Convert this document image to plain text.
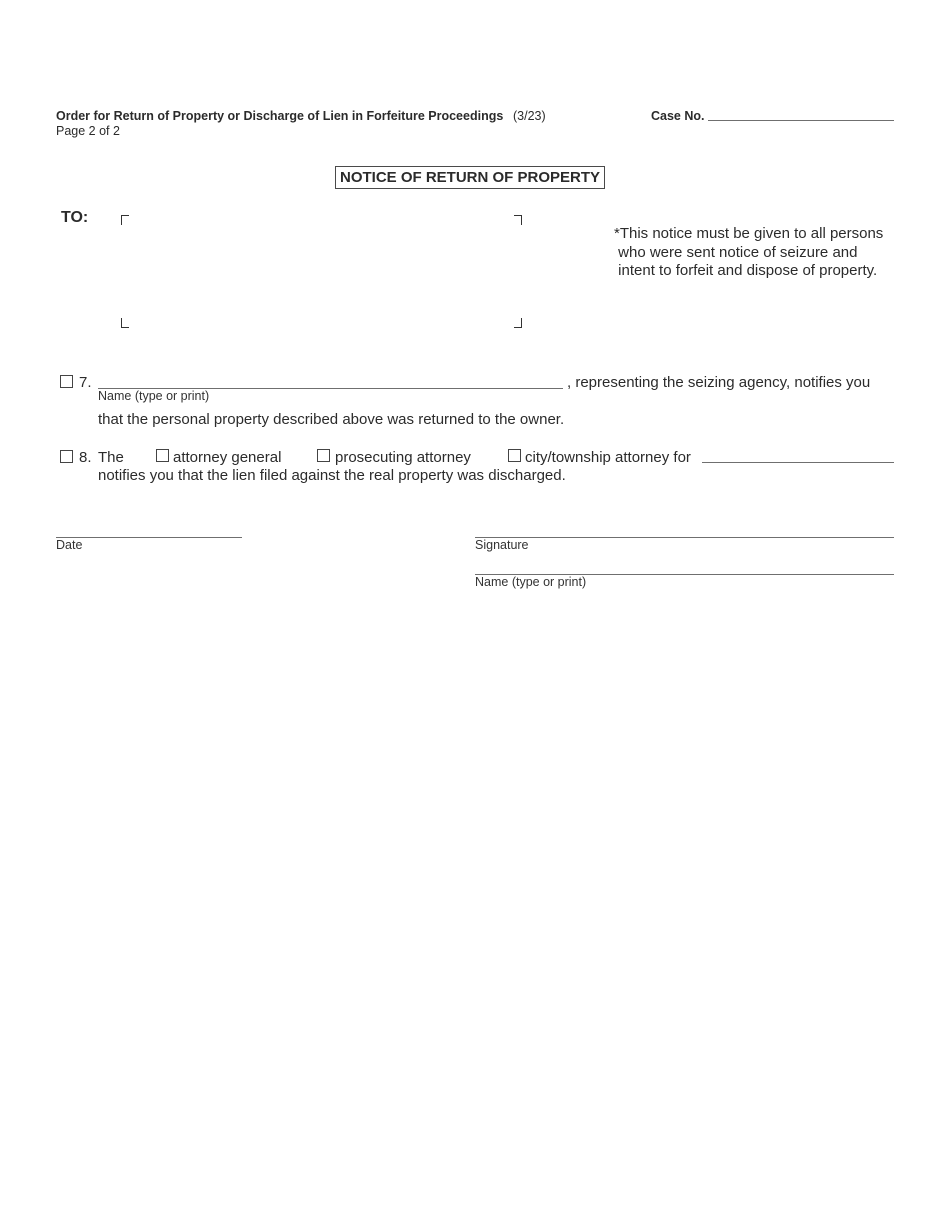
Order for Return of Property or Discharge of Lien in Forfeiture Proceedings (3/23)
Page 2 of 2
Case No.
NOTICE OF RETURN OF PROPERTY
TO:
*This notice must be given to all persons
who were sent notice of seizure and
intent to forfeit and dispose of property.
7.	, representing the seizing agency, notifies you
Name (type or print)
that the personal property described above was returned to the owner.
8. The	attorney general	prosecuting attorney	city/township attorney for
notifies you that the lien filed against the real property was discharged.
Date	Signature
Name (type or print)
